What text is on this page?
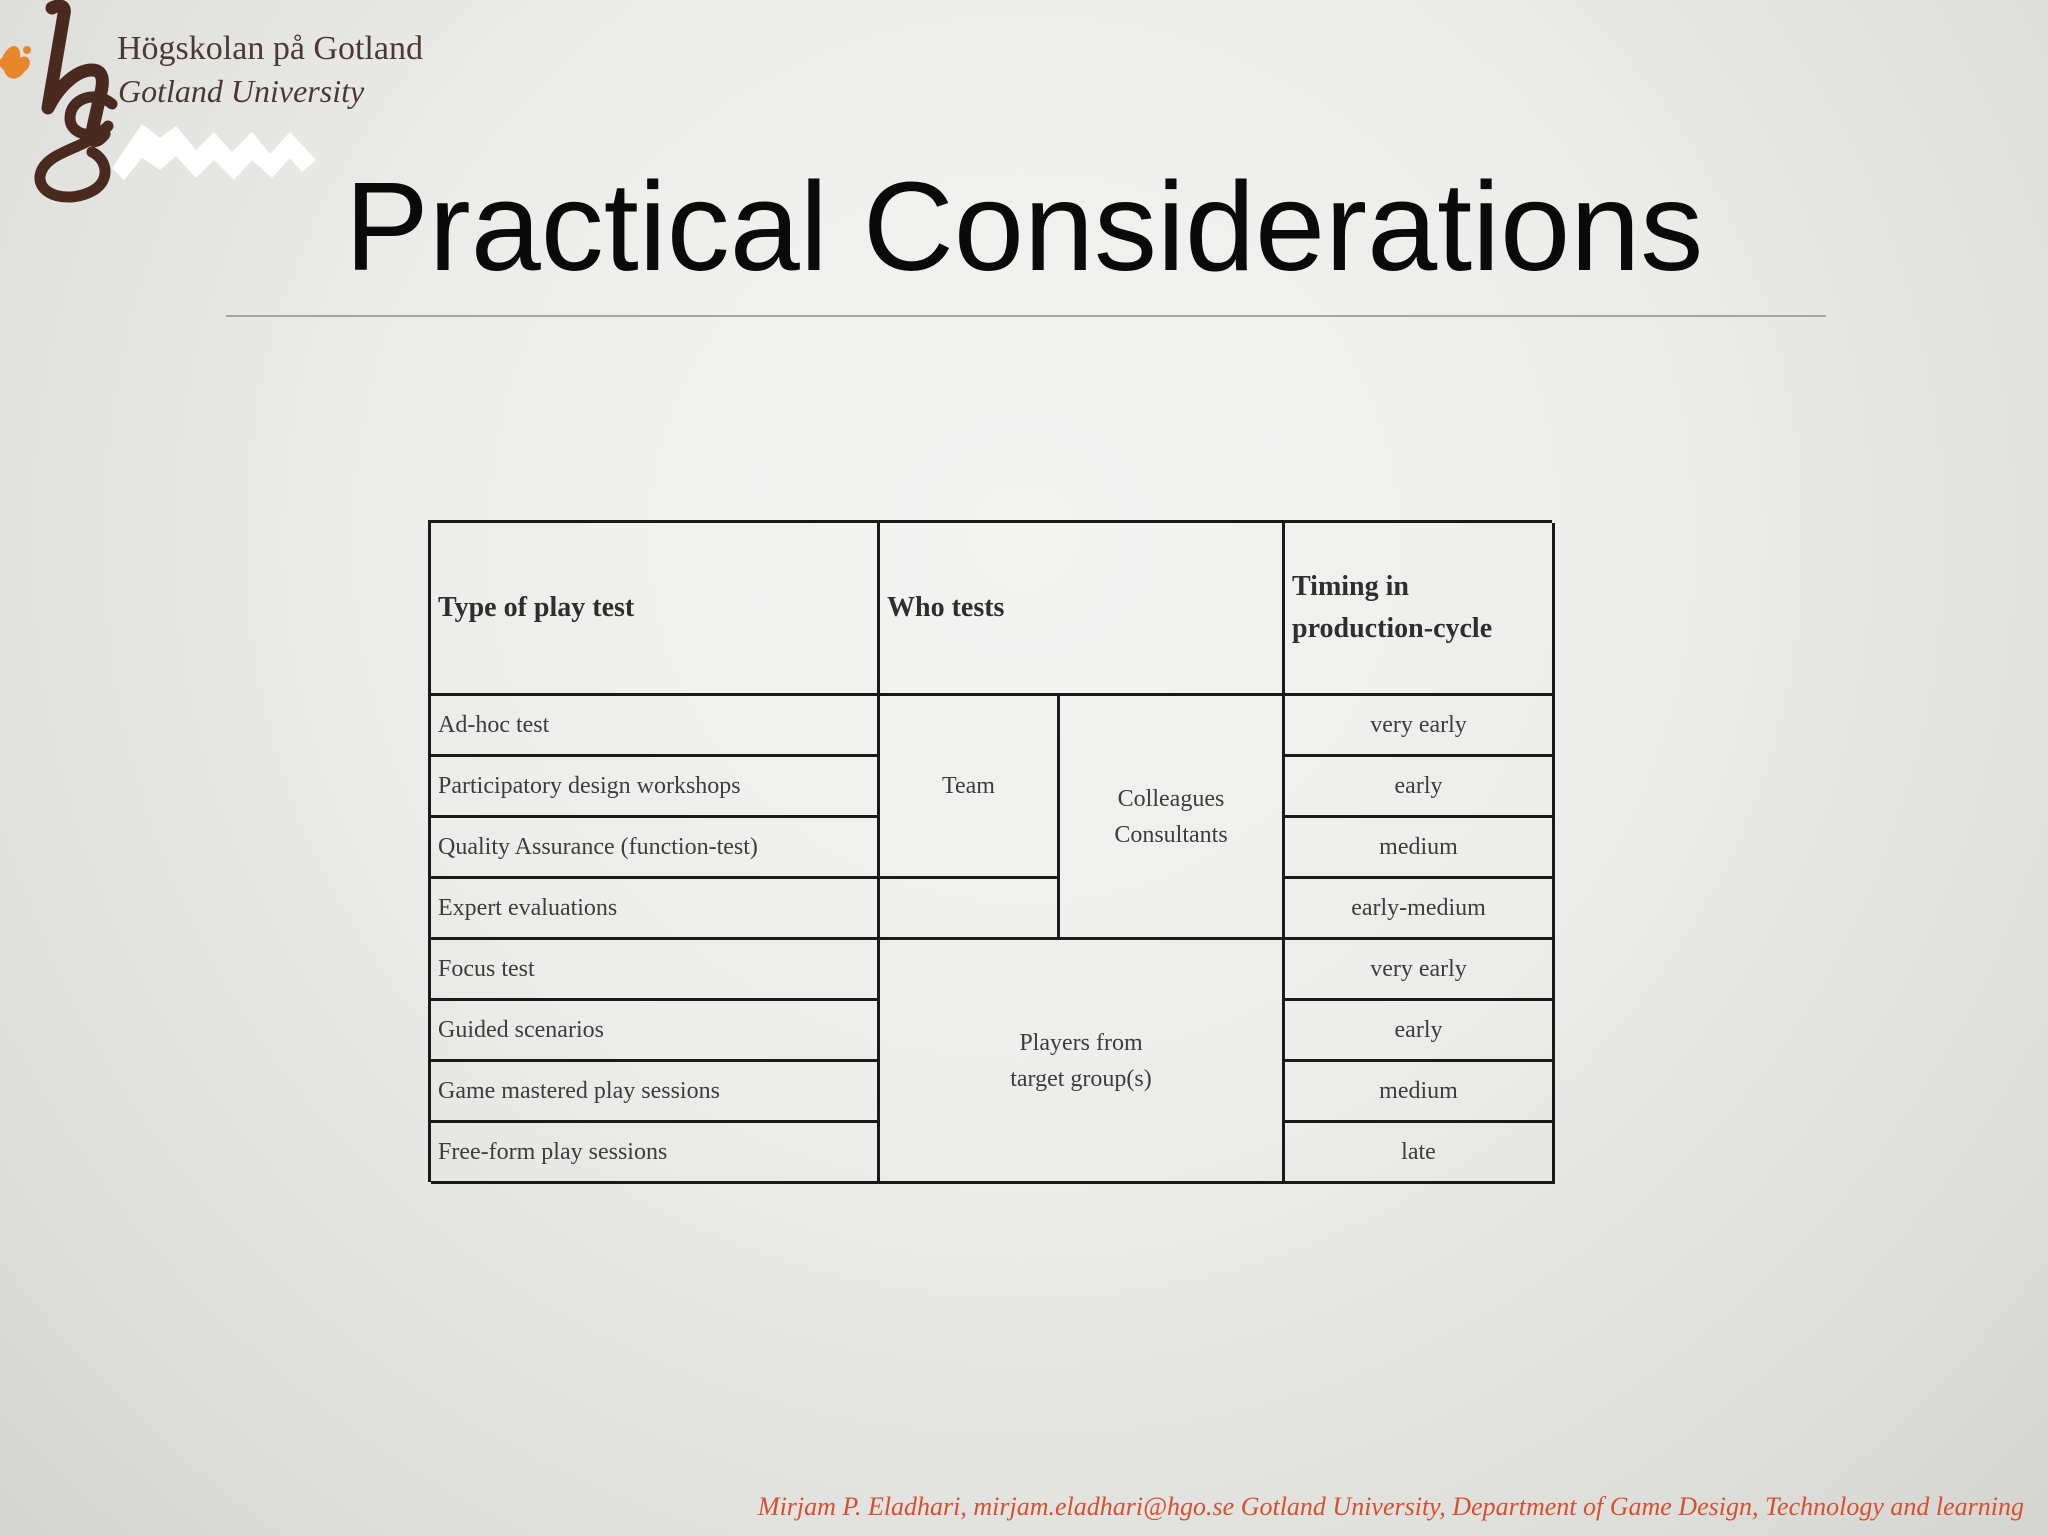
Högskolan på Gotland
Gotland University
Practical Considerations
Type of play test	Who tests
Timing in
production-cycle
Ad-hoc test
Participatory design workshops
Quality Assurance (function-test)
Expert evaluations
Focus test
Guided scenarios
Game mastered play sessions
Free-form play sessions
Team	Colleagues
Consultants
Players from
target group(s)
very early
early
medium
early-medium
very early
early
medium
late
Mirjam P. Eladhari, mirjam.eladhari@hgo.se Gotland University, Department of Game Design, Technology and learning
